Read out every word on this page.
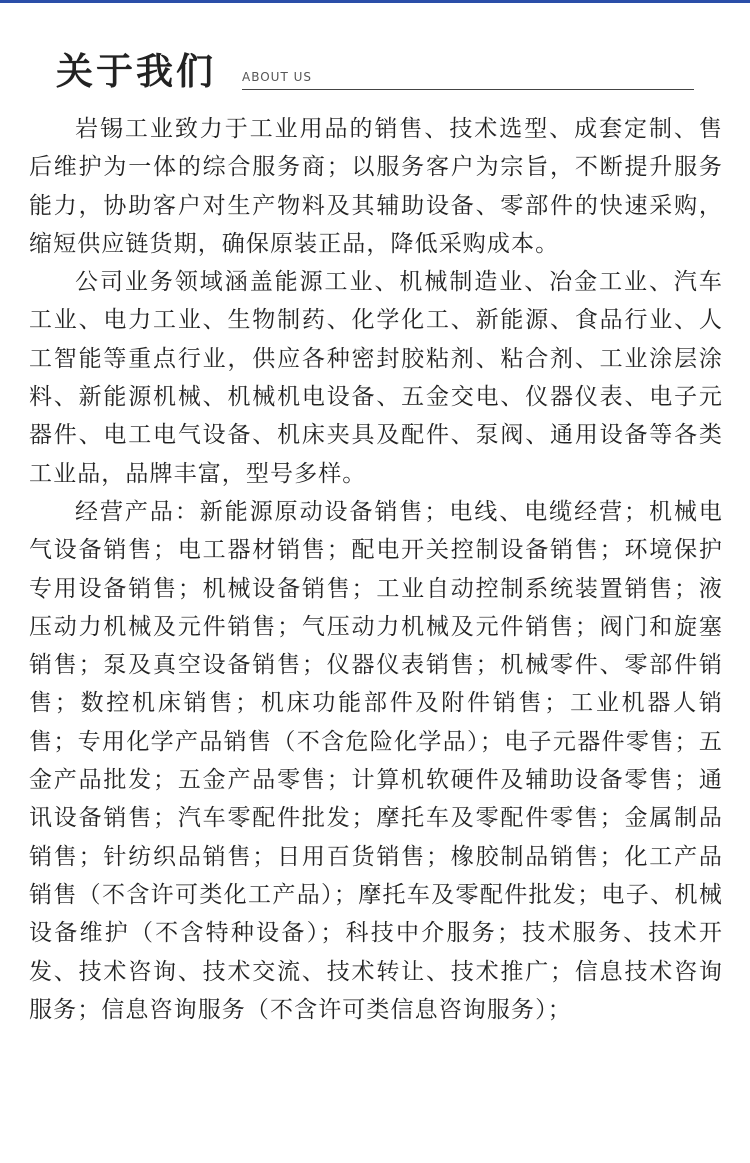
关于我们 ABOUT US

岩锡工业致力于工业用品的销售、技术选型、成套定制、售后维护为一体的综合服务商；以服务客户为宗旨，不断提升服务能力，协助客户对生产物料及其辅助设备、零部件的快速采购，缩短供应链货期，确保原装正品，降低采购成本。

公司业务领域涵盖能源工业、机械制造业、冶金工业、汽车工业、电力工业、生物制药、化学化工、新能源、食品行业、人工智能等重点行业，供应各种密封胶粘剂、粘合剂、工业涂层涂料、新能源机械、机械机电设备、五金交电、仪器仪表、电子元器件、电工电气设备、机床夹具及配件、泵阀、通用设备等各类工业品，品牌丰富，型号多样。

经营产品：新能源原动设备销售；电线、电缆经营；机械电气设备销售；电工器材销售；配电开关控制设备销售；环境保护专用设备销售；机械设备销售；工业自动控制系统装置销售；液压动力机械及元件销售；气压动力机械及元件销售；阀门和旋塞销售；泵及真空设备销售；仪器仪表销售；机械零件、零部件销售；数控机床销售；机床功能部件及附件销售；工业机器人销售；专用化学产品销售（不含危险化学品）；电子元器件零售；五金产品批发；五金产品零售；计算机软硬件及辅助设备零售；通讯设备销售；汽车零配件批发；摩托车及零配件零售；金属制品销售；针纺织品销售；日用百货销售；橡胶制品销售；化工产品销售（不含许可类化工产品）；摩托车及零配件批发；电子、机械设备维护（不含特种设备）；科技中介服务；技术服务、技术开发、技术咨询、技术交流、技术转让、技术推广；信息技术咨询服务；信息咨询服务（不含许可类信息咨询服务）；
